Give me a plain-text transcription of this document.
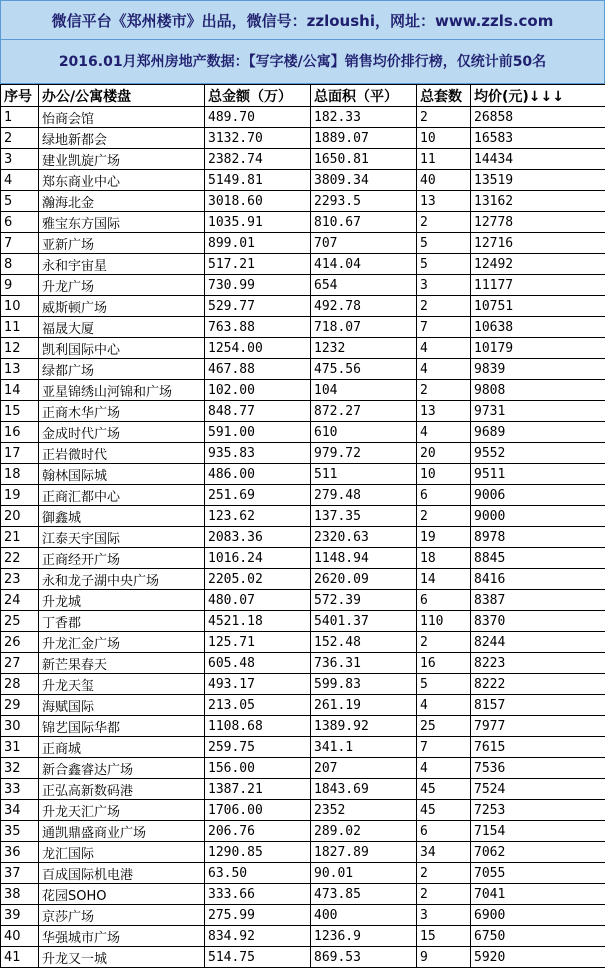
微信平台《郑州楼市》出品，微信号：zzloushi，网址：www.zzls.com
2016.01月郑州房地产数据：【写字楼/公寓】销售均价排行榜，仅统计前50名
序号	办公/公寓楼盘	总金额（万）	总面积（平）	总套数	均价(元)↓↓↓
1	怡商会馆	489.70	182.33	2	26858
2	绿地新都会	3132.70	1889.07	10	16583
3	建业凯旋广场	2382.74	1650.81	11	14434
4	郑东商业中心	5149.81	3809.34	40	13519
5	瀚海北金	3018.60	2293.5	13	13162
6	雅宝东方国际	1035.91	810.67	2	12778
7	亚新广场	899.01	707	5	12716
8	永和宇宙星	517.21	414.04	5	12492
9	升龙广场	730.99	654	3	11177
10	威斯顿广场	529.77	492.78	2	10751
11	福晟大厦	763.88	718.07	7	10638
12	凯利国际中心	1254.00	1232	4	10179
13	绿都广场	467.88	475.56	4	9839
14	亚星锦绣山河锦和广场	102.00	104	2	9808
15	正商木华广场	848.77	872.27	13	9731
16	金成时代广场	591.00	610	4	9689
17	正岩微时代	935.83	979.72	20	9552
18	翰林国际城	486.00	511	10	9511
19	正商汇都中心	251.69	279.48	6	9006
20	御鑫城	123.62	137.35	2	9000
21	江泰天宇国际	2083.36	2320.63	19	8978
22	正商经开广场	1016.24	1148.94	18	8845
23	永和龙子湖中央广场	2205.02	2620.09	14	8416
24	升龙城	480.07	572.39	6	8387
25	丁香郡	4521.18	5401.37	110	8370
26	升龙汇金广场	125.71	152.48	2	8244
27	新芒果春天	605.48	736.31	16	8223
28	升龙天玺	493.17	599.83	5	8222
29	海赋国际	213.05	261.19	4	8157
30	锦艺国际华都	1108.68	1389.92	25	7977
31	正商城	259.75	341.1	7	7615
32	新合鑫睿达广场	156.00	207	4	7536
33	正弘高新数码港	1387.21	1843.69	45	7524
34	升龙天汇广场	1706.00	2352	45	7253
35	通凯鼎盛商业广场	206.76	289.02	6	7154
36	龙汇国际	1290.85	1827.89	34	7062
37	百成国际机电港	63.50	90.01	2	7055
38	花园SOHO	333.66	473.85	2	7041
39	京莎广场	275.99	400	3	6900
40	华强城市广场	834.92	1236.9	15	6750
41	升龙又一城	514.75	869.53	9	5920
